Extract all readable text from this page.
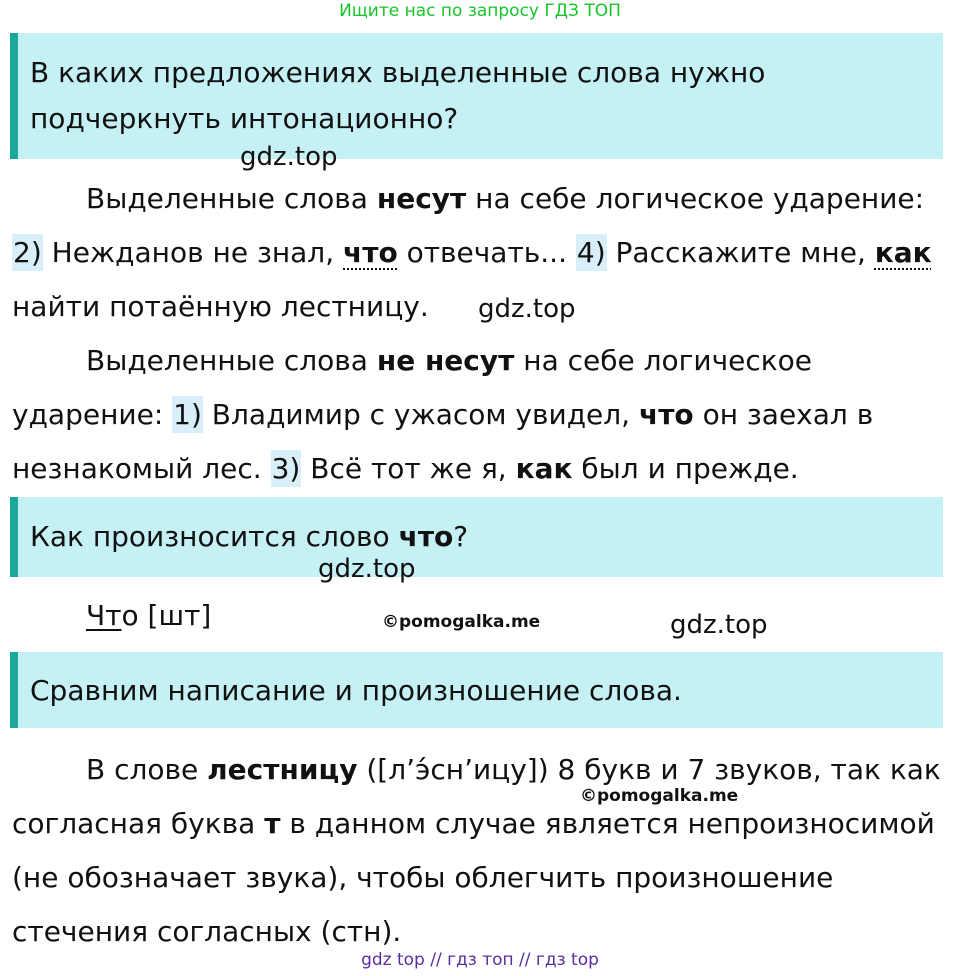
Ищите нас по запросу ГДЗ ТОП
В каких предложениях выделенные слова нужно подчеркнуть интонационно?
gdz.top
Выделенные слова несут на себе логическое ударение: 2) Нежданов не знал, что отвечать... 4) Расскажите мне, как найти потаённую лестницу.	gdz.top
Выделенные слова не несут на себе логическое ударение: 1) Владимир с ужасом увидел, что он заехал в незнакомый лес. 3) Всё тот же я, как был и прежде.
Как произносится слово что?
gdz.top
Что [шт]	©pomogalka.me	gdz.top
Сравним написание и произношение слова.
В слове лестницу ([л’э́сн’ицу]) 8 букв и 7 звуков, так как согласная буква т в данном случае является непроизносимой (не обозначает звука), чтобы облегчить произношение стечения согласных (стн).
©pomogalka.me
gdz top // гдз топ // гдз top
